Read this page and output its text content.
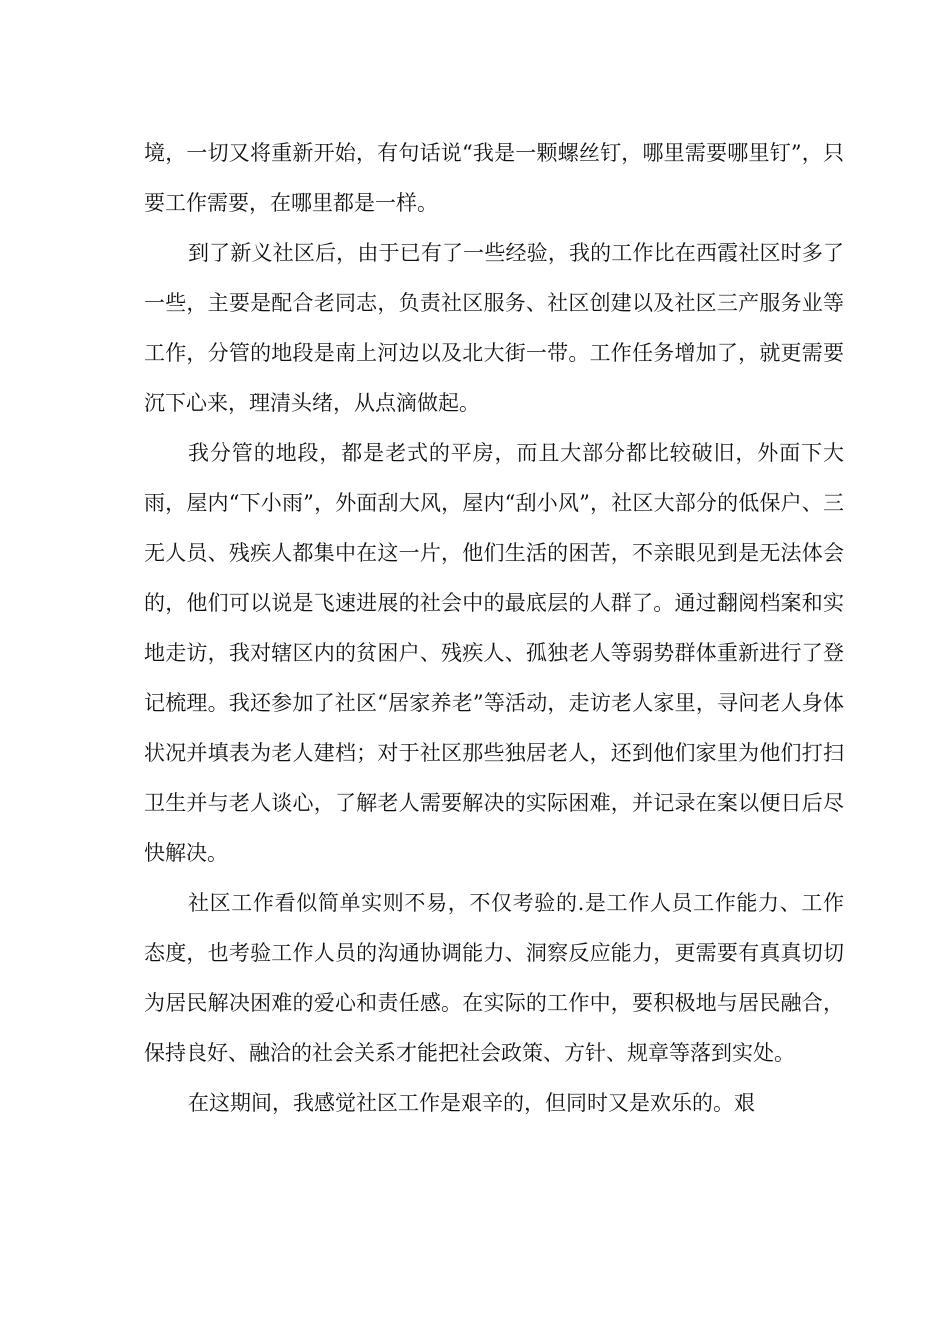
境，一切又将重新开始，有句话说“我是一颗螺丝钉，哪里需要哪里钉”，只要工作需要，在哪里都是一样。

到了新义社区后，由于已有了一些经验，我的工作比在西霞社区时多了一些，主要是配合老同志，负责社区服务、社区创建以及社区三产服务业等工作，分管的地段是南上河边以及北大街一带。工作任务增加了，就更需要沉下心来，理清头绪，从点滴做起。

我分管的地段，都是老式的平房，而且大部分都比较破旧，外面下大雨，屋内“下小雨”，外面刮大风，屋内“刮小风”，社区大部分的低保户、三无人员、残疾人都集中在这一片，他们生活的困苦，不亲眼见到是无法体会的，他们可以说是飞速进展的社会中的最底层的人群了。通过翻阅档案和实地走访，我对辖区内的贫困户、残疾人、孤独老人等弱势群体重新进行了登记梳理。我还参加了社区“居家养老”等活动，走访老人家里，寻问老人身体状况并填表为老人建档；对于社区那些独居老人，还到他们家里为他们打扫卫生并与老人谈心，了解老人需要解决的实际困难，并记录在案以便日后尽快解决。

社区工作看似简单实则不易，不仅考验的.是工作人员工作能力、工作态度，也考验工作人员的沟通协调能力、洞察反应能力，更需要有真真切切为居民解决困难的爱心和责任感。在实际的工作中，要积极地与居民融合，保持良好、融洽的社会关系才能把社会政策、方针、规章等落到实处。

在这期间，我感觉社区工作是艰辛的，但同时又是欢乐的。艰
